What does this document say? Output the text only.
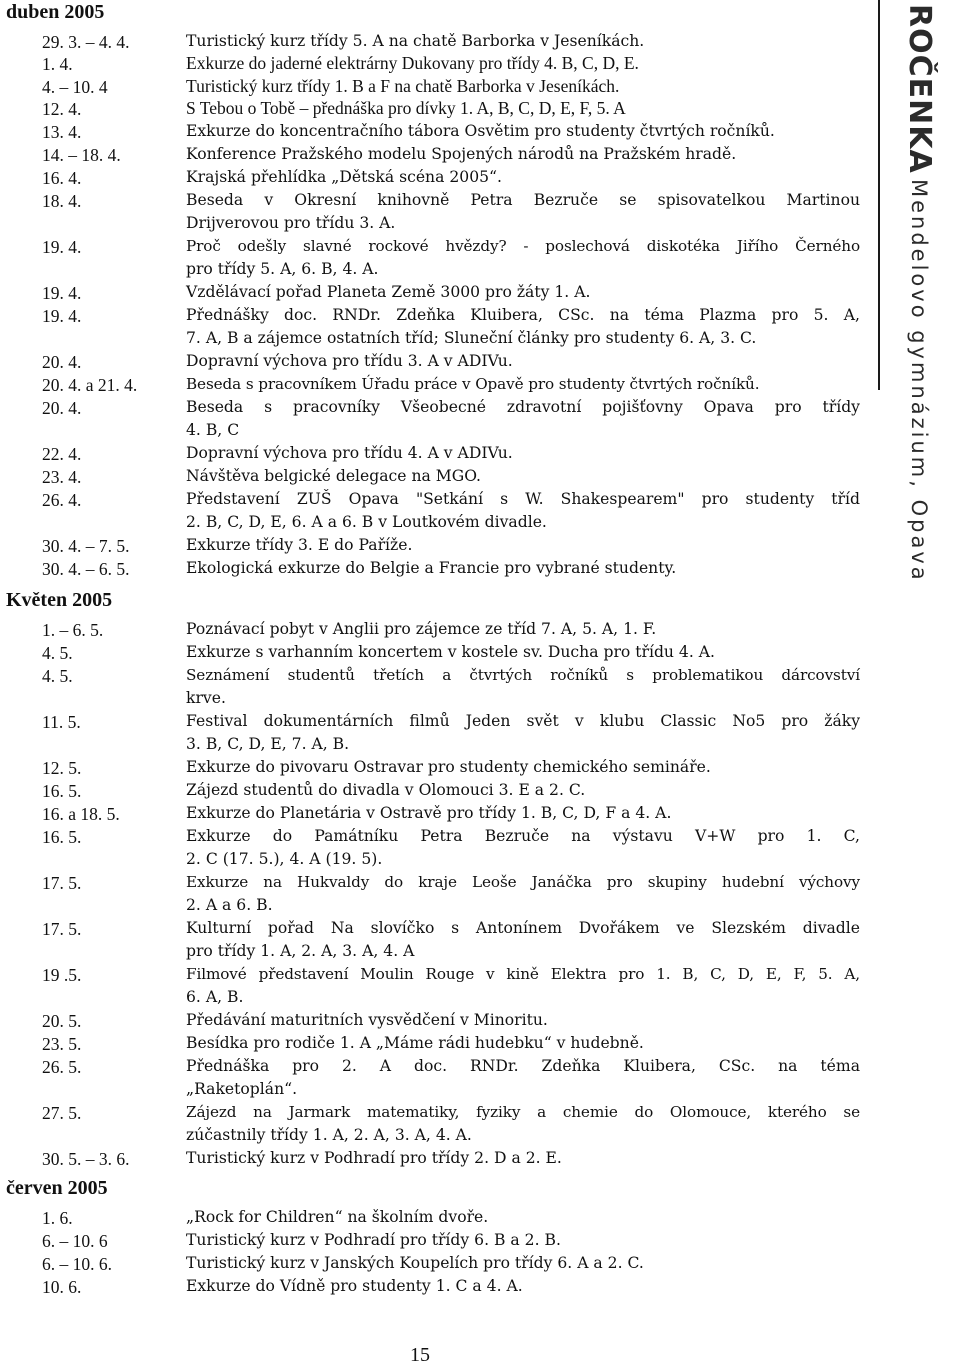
ROČENKA Mendelovo gymnázium, Opava
duben 2005
29. 3. – 4. 4.	Turistický kurz třídy 5. A na chatě Barborka v Jeseníkách.
1. 4.	Exkurze do jaderné elektrárny Dukovany pro třídy 4. B, C, D, E.
4. – 10. 4	Turistický kurz třídy 1. B a F na chatě Barborka v Jeseníkách.
12. 4.	S Tebou o Tobě – přednáška pro dívky 1. A, B, C, D, E, F, 5. A
13. 4.	Exkurze do koncentračního tábora Osvětim pro studenty čtvrtých ročníků.
14. – 18. 4.	Konference Pražského modelu Spojených národů na Pražském hradě.
16. 4.	Krajská přehlídka „Dětská scéna 2005“.
18. 4.	Beseda v Okresní knihovně Petra Bezruče se spisovatelkou Martinou
Drijverovou pro třídu 3. A.
19. 4.	Proč odešly slavné rockové hvězdy? - poslechová diskotéka Jiřího Černého
pro třídy 5. A, 6. B, 4. A.
19. 4.	Vzdělávací pořad Planeta Země 3000 pro žáty 1. A.
19. 4.	Přednášky doc. RNDr. Zdeňka Kluibera, CSc. na téma Plazma pro 5. A,
7. A, B a zájemce ostatních tříd; Sluneční články pro studenty 6. A, 3. C.
20. 4.	Dopravní výchova pro třídu 3. A v ADIVu.
20. 4. a 21. 4.	Beseda s pracovníkem Úřadu práce v Opavě pro studenty čtvrtých ročníků.
20. 4.	Beseda s pracovníky Všeobecné zdravotní pojišťovny Opava pro třídy
4. B, C
22. 4.	Dopravní výchova pro třídu 4. A v ADIVu.
23. 4.	Návštěva belgické delegace na MGO.
26. 4.	Představení ZUŠ Opava "Setkání s W. Shakespearem" pro studenty tříd
2. B, C, D, E, 6. A a 6. B v Loutkovém divadle.
30. 4. – 7. 5.	Exkurze třídy 3. E do Paříže.
30. 4. – 6. 5.	Ekologická exkurze do Belgie a Francie pro vybrané studenty.
Květen 2005
1. – 6. 5.	Poznávací pobyt v Anglii pro zájemce ze tříd 7. A, 5. A, 1. F.
4. 5.	Exkurze s varhanním koncertem v kostele sv. Ducha pro třídu 4. A.
4. 5.	Seznámení studentů třetích a čtvrtých ročníků s problematikou dárcovství
krve.
11. 5.	Festival dokumentárních filmů Jeden svět v klubu Classic No5 pro žáky
3. B, C, D, E, 7. A, B.
12. 5.	Exkurze do pivovaru Ostravar pro studenty chemického semináře.
16. 5.	Zájezd studentů do divadla v Olomouci 3. E a 2. C.
16. a 18. 5.	Exkurze do Planetária v Ostravě pro třídy 1. B, C, D, F a 4. A.
16. 5.	Exkurze do Památníku Petra Bezruče na výstavu V+W pro 1. C,
2. C (17. 5.), 4. A (19. 5).
17. 5.	Exkurze na Hukvaldy do kraje Leoše Janáčka pro skupiny hudební výchovy
2. A a 6. B.
17. 5.	Kulturní pořad Na slovíčko s Antonínem Dvořákem ve Slezském divadle
pro třídy 1. A, 2. A, 3. A, 4. A
19 .5.	Filmové představení Moulin Rouge v kině Elektra pro 1. B, C, D, E, F, 5. A,
6. A, B.
20. 5.	Předávání maturitních vysvědčení v Minoritu.
23. 5.	Besídka pro rodiče 1. A „Máme rádi hudebku“ v hudebně.
26. 5.	Přednáška pro 2. A doc. RNDr. Zdeňka Kluibera, CSc. na téma
„Raketoplán“.
27. 5.	Zájezd na Jarmark matematiky, fyziky a chemie do Olomouce, kterého se
zúčastnily třídy 1. A, 2. A, 3. A, 4. A.
30. 5. – 3. 6.	Turistický kurz v Podhradí pro třídy 2. D a 2. E.
červen 2005
1. 6.	„Rock for Children“ na školním dvoře.
6. – 10. 6	Turistický kurz v Podhradí pro třídy 6. B a 2. B.
6. – 10. 6.	Turistický kurz v Janských Koupelích pro třídy 6. A a 2. C.
10. 6.	Exkurze do Vídně pro studenty 1. C a 4. A.
15
